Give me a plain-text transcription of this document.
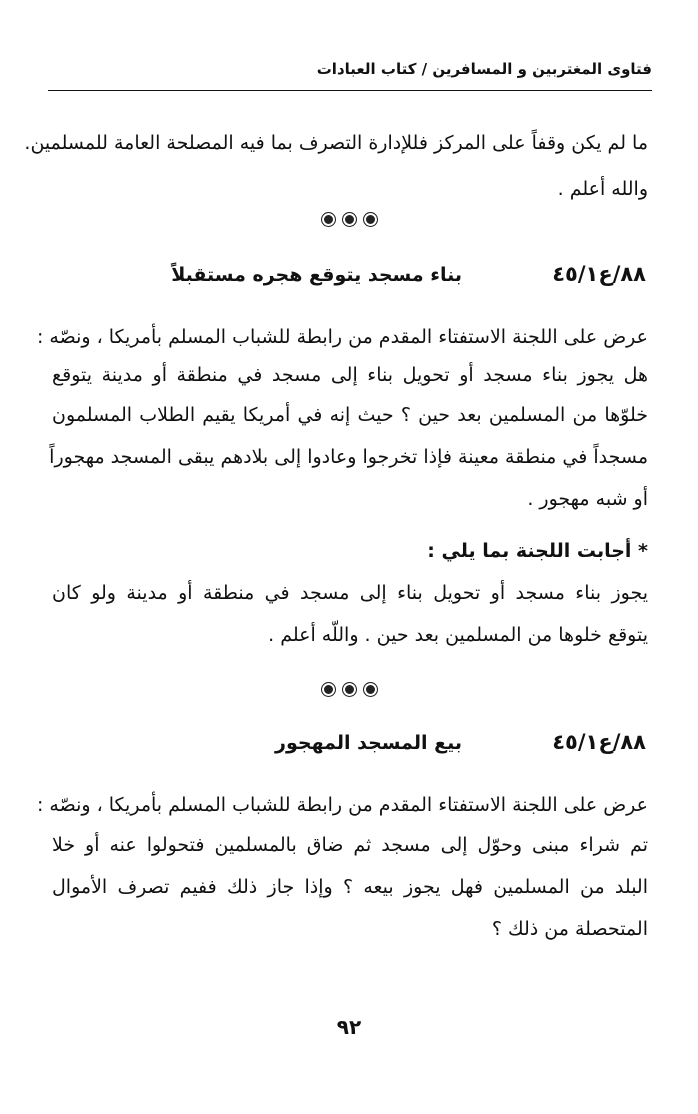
فتاوى المغتربين و المسافرين / كتاب العبادات
ما لم يكن وقفاً على المركز فللإدارة التصرف بما فيه المصلحة العامة للمسلمين.
والله أعلم .
٨٨/ع٤٥/١
بناء مسجد يتوقع هجره مستقبلاً
عرض على اللجنة الاستفتاء المقدم من رابطة للشباب المسلم بأمريكا ، ونصّه :
هل يجوز بناء مسجد أو تحويل بناء إلى مسجد في منطقة أو مدينة يتوقع
خلوّها من المسلمين بعد حين ؟ حيث إنه في أمريكا يقيم الطلاب المسلمون
مسجداً في منطقة معينة فإذا تخرجوا وعادوا إلى بلادهم يبقى المسجد مهجوراً
أو شبه مهجور .
* أجابت اللجنة بما يلي :
يجوز بناء مسجد أو تحويل بناء إلى مسجد في منطقة أو مدينة ولو كان
يتوقع خلوها من المسلمين بعد حين . واللّه أعلم .
٨٨/ع٤٥/١
بيع المسجد المهجور
عرض على اللجنة الاستفتاء المقدم من رابطة للشباب المسلم بأمريكا ، ونصّه :
تم شراء مبنى وحوّل إلى مسجد ثم ضاق بالمسلمين فتحولوا عنه أو خلا
البلد من المسلمين فهل يجوز بيعه ؟ وإذا جاز ذلك ففيم تصرف الأموال
المتحصلة من ذلك ؟
٩٢
